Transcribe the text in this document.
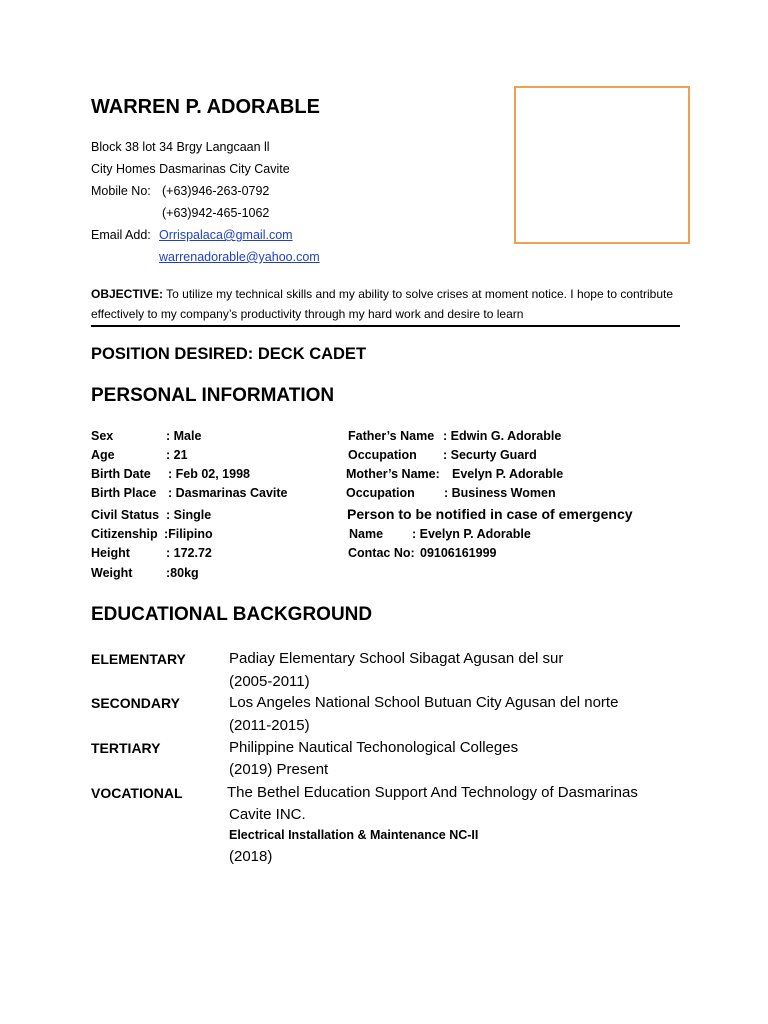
WARREN P. ADORABLE
Block 38 lot 34 Brgy Langcaan ll
City Homes Dasmarinas City Cavite
Mobile No: (+63)946-263-0792
(+63)942-465-1062
Email Add: Orrispalaca@gmail.com
warrenadorable@yahoo.com
OBJECTIVE: To utilize my technical skills and my ability to solve crises at moment notice. I hope to contribute effectively to my company’s productivity through my hard work and desire to learn
POSITION DESIRED: DECK CADET
PERSONAL INFORMATION
Sex	: Male
Age	: 21
Birth Date : Feb 02, 1998
Birth Place : Dasmarinas Cavite
Civil Status : Single
Citizenship :Filipino
Height	: 172.72
Weight	:80kg
Father’s Name : Edwin G. Adorable
Occupation : Securty Guard
Mother’s Name: Evelyn P. Adorable
Occupation : Business Women
Person to be notified in case of emergency
Name : Evelyn P. Adorable
Contac No: 09106161999
EDUCATIONAL BACKGROUND
ELEMENTARY	Padiay Elementary School Sibagat Agusan del sur
(2005-2011)
SECONDARY	Los Angeles National School Butuan City Agusan del norte
(2011-2015)
TERTIARY	Philippine Nautical Techonological Colleges
(2019) Present
VOCATIONAL	The Bethel Education Support And Technology of Dasmarinas
Cavite INC.
Electrical Installation & Maintenance NC-II
(2018)
